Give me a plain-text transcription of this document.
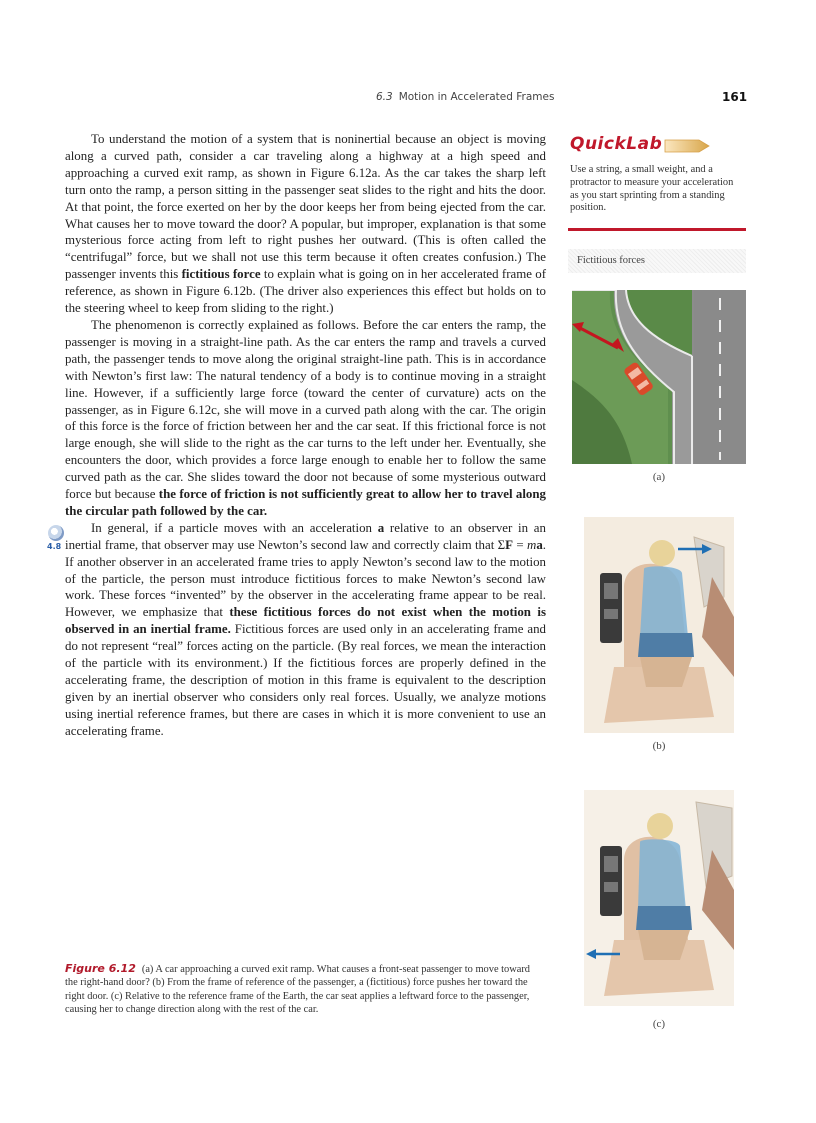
6.3 Motion in Accelerated Frames	161

To understand the motion of a system that is noninertial because an object is moving along a curved path, consider a car traveling along a highway at a high speed and approaching a curved exit ramp, as shown in Figure 6.12a. As the car takes the sharp left turn onto the ramp, a person sitting in the passenger seat slides to the right and hits the door. At that point, the force exerted on her by the door keeps her from being ejected from the car. What causes her to move toward the door? A popular, but improper, explanation is that some mysterious force acting from left to right pushes her outward. (This is often called the “centrifugal” force, but we shall not use this term because it often creates confusion.) The passenger invents this fictitious force to explain what is going on in her accelerated frame of reference, as shown in Figure 6.12b. (The driver also experiences this effect but holds on to the steering wheel to keep from sliding to the right.)

The phenomenon is correctly explained as follows. Before the car enters the ramp, the passenger is moving in a straight-line path. As the car enters the ramp and travels a curved path, the passenger tends to move along the original straight-line path. This is in accordance with Newton’s first law: The natural tendency of a body is to continue moving in a straight line. However, if a sufficiently large force (toward the center of curvature) acts on the passenger, as in Figure 6.12c, she will move in a curved path along with the car. The origin of this force is the force of friction between her and the car seat. If this frictional force is not large enough, she will slide to the right as the car turns to the left under her. Eventually, she encounters the door, which provides a force large enough to enable her to follow the same curved path as the car. She slides toward the door not because of some mysterious outward force but because the force of friction is not sufficiently great to allow her to travel along the circular path followed by the car.

In general, if a particle moves with an acceleration a relative to an observer in an inertial frame, that observer may use Newton’s second law and correctly claim that ΣF = ma. If another observer in an accelerated frame tries to apply Newton’s second law to the motion of the particle, the person must introduce fictitious forces to make Newton’s second law work. These forces “invented” by the observer in the accelerating frame appear to be real. However, we emphasize that these fictitious forces do not exist when the motion is observed in an inertial frame. Fictitious forces are used only in an accelerating frame and do not represent “real” forces acting on the particle. (By real forces, we mean the interaction of the particle with its environment.) If the fictitious forces are properly defined in the accelerating frame, the description of motion in this frame is equivalent to the description given by an inertial observer who considers only real forces. Usually, we analyze motions using inertial reference frames, but there are cases in which it is more convenient to use an accelerating frame.

4.8
QuickLab
Use a string, a small weight, and a protractor to measure your acceleration as you start sprinting from a standing position.
Fictitious forces
(a)
(b)
(c)
Figure 6.12 (a) A car approaching a curved exit ramp. What causes a front-seat passenger to move toward the right-hand door? (b) From the frame of reference of the passenger, a (fictitious) force pushes her toward the right door. (c) Relative to the reference frame of the Earth, the car seat applies a leftward force to the passenger, causing her to change direction along with the rest of the car.
